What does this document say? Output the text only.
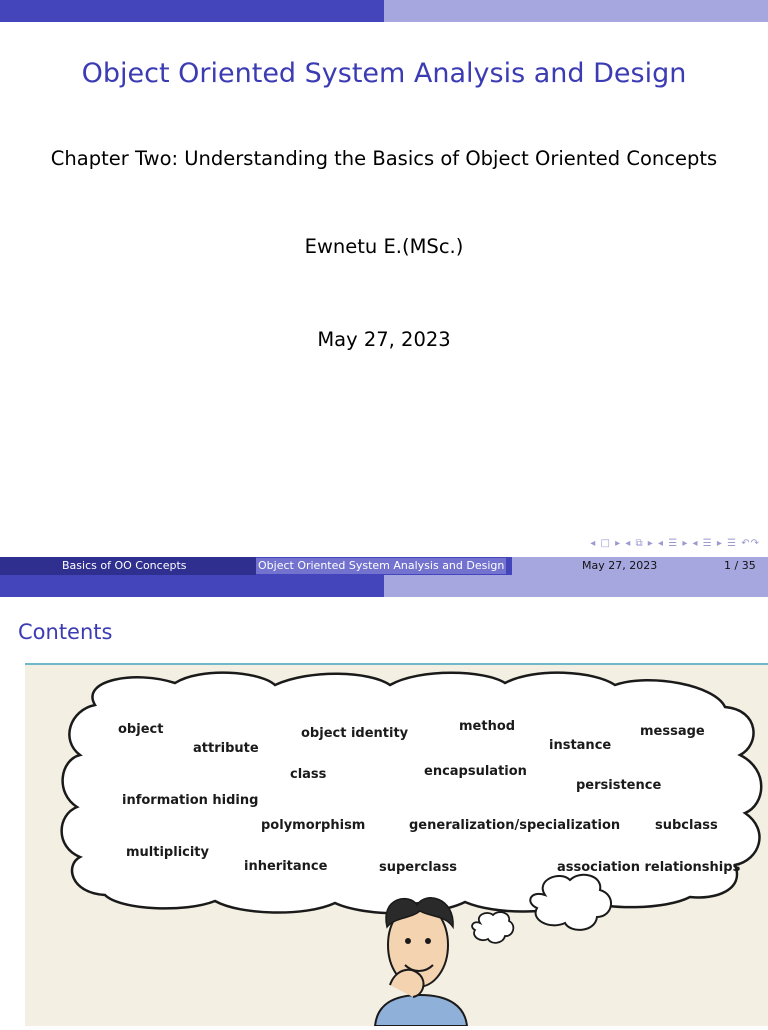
Object Oriented System Analysis and Design
Chapter Two: Understanding the Basics of Object Oriented Concepts
Ewnetu E.(MSc.)
May 27, 2023
◂ □ ▸ ◂ ⧉ ▸ ◂ ☰ ▸ ◂ ☰ ▸ ☰ ↶↷
Basics of OO Concepts	Object Oriented System Analysis and Design	May 27, 2023	1 / 35
Contents
object
attribute
object identity	method
instance
message
class	encapsulation
persistence
information hiding
polymorphism	generalization/specialization	subclass
multiplicity
inheritance	superclass	association relationships
